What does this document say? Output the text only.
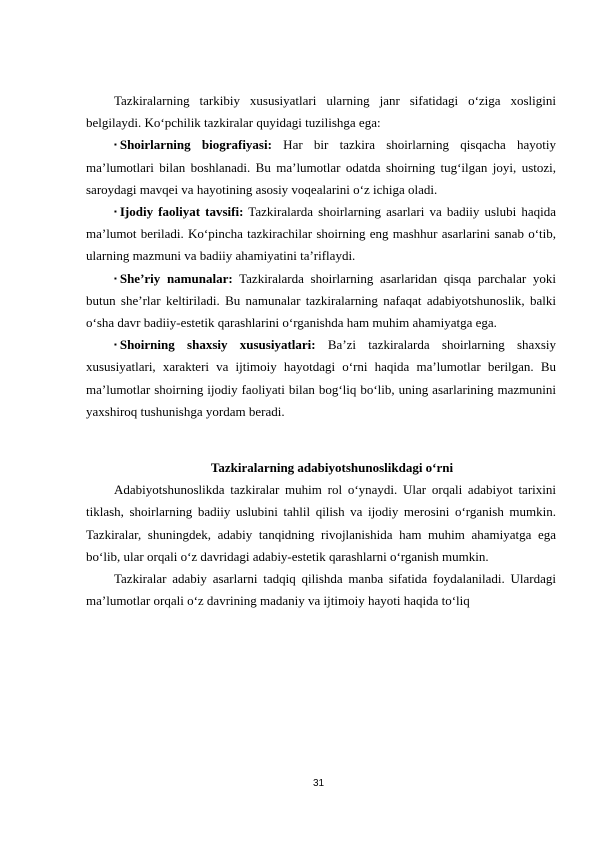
Tazkiralarning tarkibiy xususiyatlari ularning janr sifatidagi o‘ziga xosligini belgilaydi. Ko‘pchilik tazkiralar quyidagi tuzilishga ega:

▪ Shoirlarning biografiyasi: Har bir tazkira shoirlarning qisqacha hayotiy ma’lumotlari bilan boshlanadi. Bu ma’lumotlar odatda shoirning tug‘ilgan joyi, ustozi, saroydagi mavqei va hayotining asosiy voqealarini o‘z ichiga oladi.

▪ Ijodiy faoliyat tavsifi: Tazkiralarda shoirlarning asarlari va badiiy uslubi haqida ma’lumot beriladi. Ko‘pincha tazkirachilar shoirning eng mashhur asarlarini sanab o‘tib, ularning mazmuni va badiiy ahamiyatini ta’riflaydi.

▪ She’riy namunalar: Tazkiralarda shoirlarning asarlaridan qisqa parchalar yoki butun she’rlar keltiriladi. Bu namunalar tazkiralarning nafaqat adabiyotshunoslik, balki o‘sha davr badiiy-estetik qarashlarini o‘rganishda ham muhim ahamiyatga ega.

▪ Shoirning shaxsiy xususiyatlari: Ba’zi tazkiralarda shoirlarning shaxsiy xususiyatlari, xarakteri va ijtimoiy hayotdagi o‘rni haqida ma’lumotlar berilgan. Bu ma’lumotlar shoirning ijodiy faoliyati bilan bog‘liq bo‘lib, uning asarlarining mazmunini yaxshiroq tushunishga yordam beradi.

Tazkiralarning adabiyotshunoslikdagi o‘rni

Adabiyotshunoslikda tazkiralar muhim rol o‘ynaydi. Ular orqali adabiyot tarixini tiklash, shoirlarning badiiy uslubini tahlil qilish va ijodiy merosini o‘rganish mumkin. Tazkiralar, shuningdek, adabiy tanqidning rivojlanishida ham muhim ahamiyatga ega bo‘lib, ular orqali o‘z davridagi adabiy-estetik qarashlarni o‘rganish mumkin.

Tazkiralar adabiy asarlarni tadqiq qilishda manba sifatida foydalaniladi. Ulardagi ma’lumotlar orqali o‘z davrining madaniy va ijtimoiy hayoti haqida to‘liq

31
